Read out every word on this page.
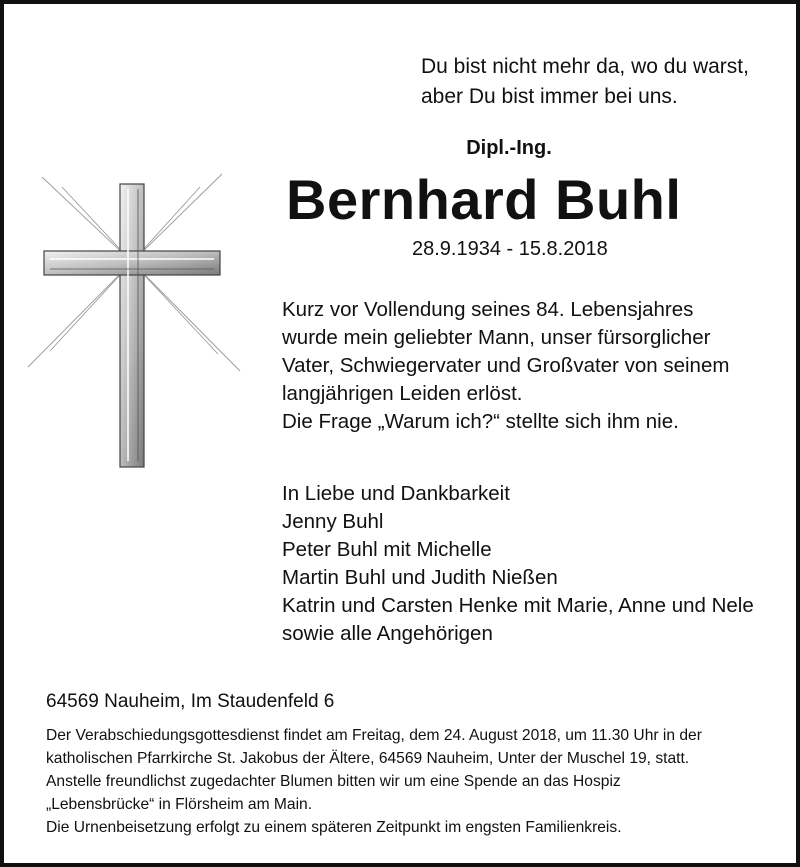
Du bist nicht mehr da, wo du warst,
aber Du bist immer bei uns.
Dipl.-Ing.
Bernhard Buhl
28.9.1934 - 15.8.2018
Kurz vor Vollendung seines 84. Lebensjahres
wurde mein geliebter Mann, unser fürsorglicher
Vater, Schwiegervater und Großvater von seinem
langjährigen Leiden erlöst.
Die Frage „Warum ich?“ stellte sich ihm nie.
In Liebe und Dankbarkeit
Jenny Buhl
Peter Buhl mit Michelle
Martin Buhl und Judith Nießen
Katrin und Carsten Henke mit Marie, Anne und Nele
sowie alle Angehörigen
64569 Nauheim, Im Staudenfeld 6
Der Verabschiedungsgottesdienst findet am Freitag, dem 24. August 2018, um 11.30 Uhr in der
katholischen Pfarrkirche St. Jakobus der Ältere, 64569 Nauheim, Unter der Muschel 19, statt.
Anstelle freundlichst zugedachter Blumen bitten wir um eine Spende an das Hospiz
„Lebensbrücke“ in Flörsheim am Main.
Die Urnenbeisetzung erfolgt zu einem späteren Zeitpunkt im engsten Familienkreis.
